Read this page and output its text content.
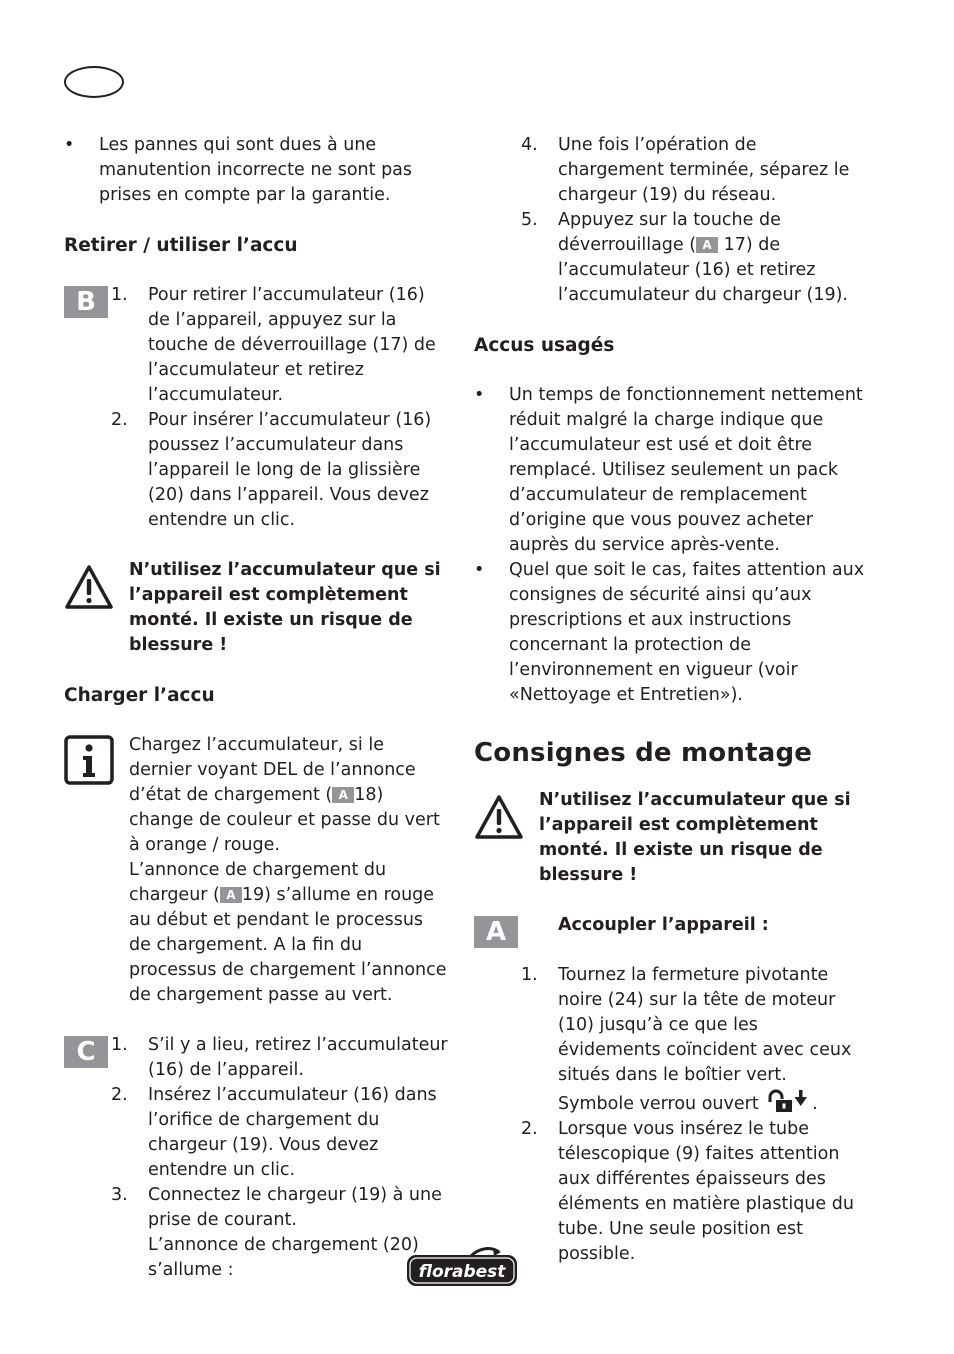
• Les pannes qui sont dues à une manutention incorrecte ne sont pas prises en compte par la garantie.
Retirer / utiliser l’accu
B 1. Pour retirer l’accumulateur (16) de l’appareil, appuyez sur la touche de déverrouillage (17) de l’accumulateur et retirez l’accumulateur.
2. Pour insérer l’accumulateur (16) poussez l’accumulateur dans l’appareil le long de la glissière (20) dans l’appareil. Vous devez entendre un clic.
N’utilisez l’accumulateur que si l’appareil est complètement monté. Il existe un risque de blessure !
Charger l’accu
Chargez l’accumulateur, si le dernier voyant DEL de l’annonce d’état de chargement ( A 18) change de couleur et passe du vert à orange / rouge.
L’annonce de chargement du chargeur ( A 19) s’allume en rouge au début et pendant le processus de chargement. A la fin du processus de chargement l’annonce de chargement passe au vert.
C 1. S’il y a lieu, retirez l’accumulateur (16) de l’appareil.
2. Insérez l’accumulateur (16) dans l’orifice de chargement du chargeur (19). Vous devez entendre un clic.
3. Connectez le chargeur (19) à une prise de courant.
L’annonce de chargement (20) s’allume :
4. Une fois l’opération de chargement terminée, séparez le chargeur (19) du réseau.
5. Appuyez sur la touche de déverrouillage ( A 17) de l’accumulateur (16) et retirez l’accumulateur du chargeur (19).
Accus usagés
• Un temps de fonctionnement nettement réduit malgré la charge indique que l’accumulateur est usé et doit être remplacé. Utilisez seulement un pack d’accumulateur de remplacement d’origine que vous pouvez acheter auprès du service après-vente.
• Quel que soit le cas, faites attention aux consignes de sécurité ainsi qu’aux prescriptions et aux instructions concernant la protection de l’environnement en vigueur (voir «Nettoyage et Entretien»).
Consignes de montage
N’utilisez l’accumulateur que si l’appareil est complètement monté. Il existe un risque de blessure !
A	Accoupler l’appareil :
1. Tournez la fermeture pivotante noire (24) sur la tête de moteur (10) jusqu’à ce que les évidements coïncident avec ceux situés dans le boîtier vert. Symbole verrou ouvert	.
2. Lorsque vous insérez le tube télescopique (9) faites attention aux différentes épaisseurs des éléments en matière plastique du tube. Une seule position est possible.
florabest
